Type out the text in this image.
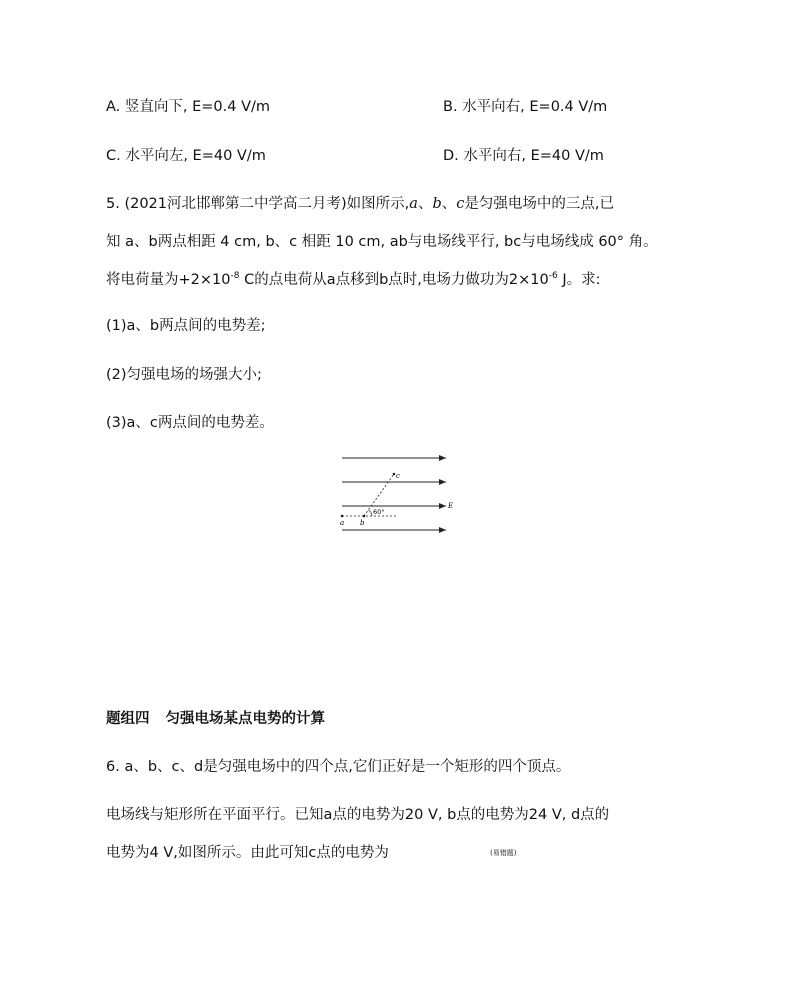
A. 竖直向下, E=0.4 V/m	B. 水平向右, E=0.4 V/m
C. 水平向左, E=40 V/m	D. 水平向右, E=40 V/m
5. (2021河北邯郸第二中学高二月考)如图所示,a、b、c是匀强电场中的三点,已
知 a、b两点相距 4 cm, b、c 相距 10 cm, ab与电场线平行, bc与电场线成 60° 角。
将电荷量为$+2\times 10^{-8}$ C的点电荷从a点移到b点时,电场力做功为$2\times 10^{-6}$ J。求:
(1)a、b两点间的电势差;
(2)匀强电场的场强大小;
(3)a、c两点间的电势差。
c
E
a b
60°
题组四 匀强电场某点电势的计算
6. a、b、c、d是匀强电场中的四个点,它们正好是一个矩形的四个顶点。
电场线与矩形所在平面平行。已知a点的电势为20 V, b点的电势为24 V, d点的
电势为4 V,如图所示。由此可知c点的电势为	(易错题)
